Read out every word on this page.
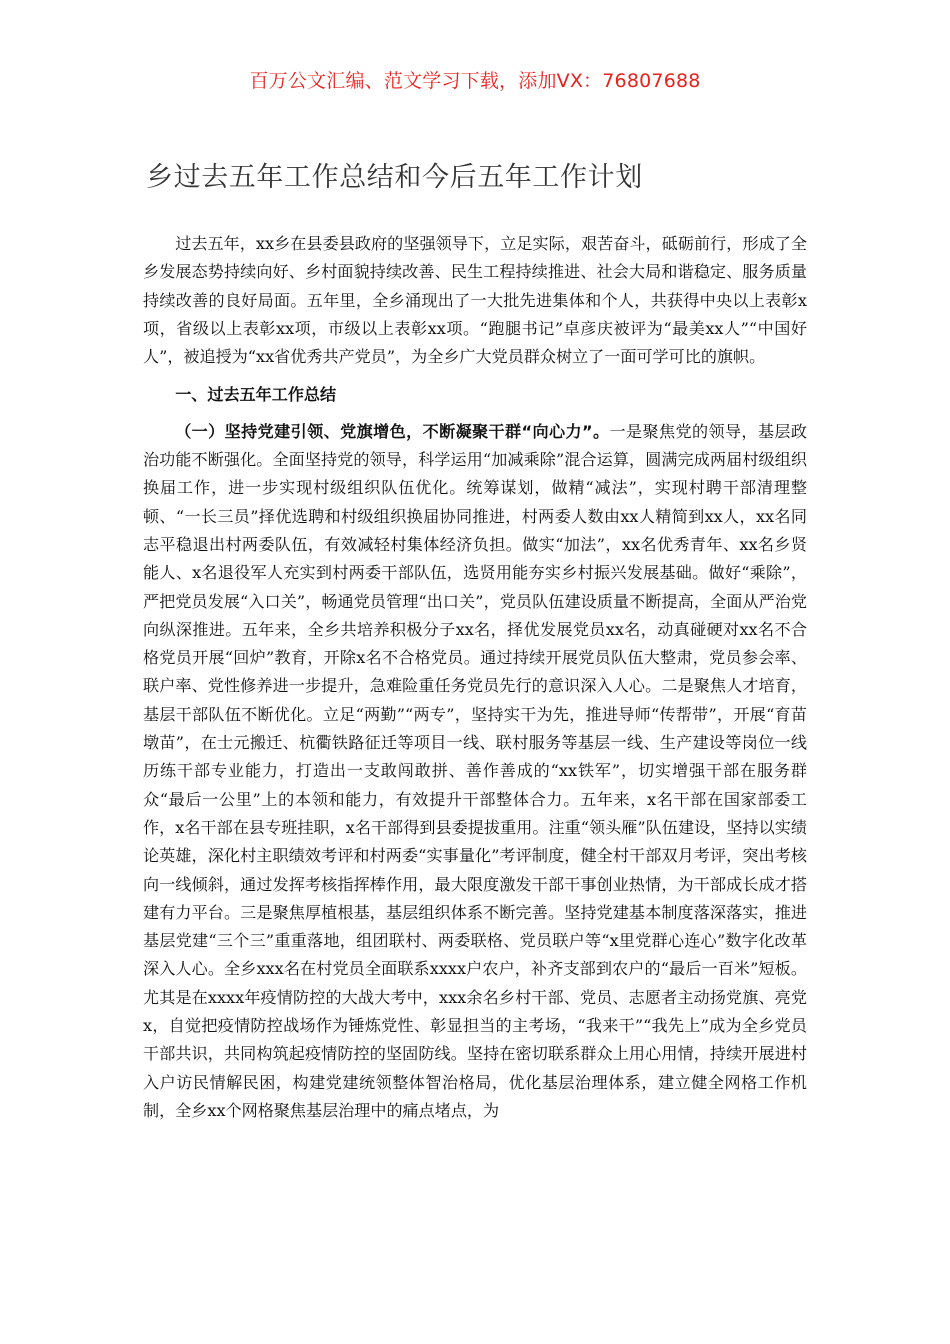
百万公文汇编、范文学习下载，添加VX：76807688
乡过去五年工作总结和今后五年工作计划

过去五年，xx乡在县委县政府的坚强领导下，立足实际，艰苦奋斗，砥砺前行，形成了全乡发展态势持续向好、乡村面貌持续改善、民生工程持续推进、社会大局和谐稳定、服务质量持续改善的良好局面。五年里，全乡涌现出了一大批先进集体和个人，共获得中央以上表彰x项，省级以上表彰xx项，市级以上表彰xx项。“跑腿书记”卓彦庆被评为“最美xx人”“中国好人”，被追授为“xx省优秀共产党员”，为全乡广大党员群众树立了一面可学可比的旗帜。

一、过去五年工作总结

（一）坚持党建引领、党旗增色，不断凝聚干群“向心力”。一是聚焦党的领导，基层政治功能不断强化。全面坚持党的领导，科学运用“加减乘除”混合运算，圆满完成两届村级组织换届工作，进一步实现村级组织队伍优化。统筹谋划，做精“减法”，实现村聘干部清理整顿、“一长三员”择优选聘和村级组织换届协同推进，村两委人数由xx人精简到xx人，xx名同志平稳退出村两委队伍，有效减轻村集体经济负担。做实“加法”，xx名优秀青年、xx名乡贤能人、x名退役军人充实到村两委干部队伍，选贤用能夯实乡村振兴发展基础。做好“乘除”，严把党员发展“入口关”，畅通党员管理“出口关”，党员队伍建设质量不断提高，全面从严治党向纵深推进。五年来，全乡共培养积极分子xx名，择优发展党员xx名，动真碰硬对xx名不合格党员开展“回炉”教育，开除x名不合格党员。通过持续开展党员队伍大整肃，党员参会率、联户率、党性修养进一步提升，急难险重任务党员先行的意识深入人心。二是聚焦人才培育，基层干部队伍不断优化。立足“两勤”“两专”，坚持实干为先，推进导师“传帮带”，开展“育苗墩苗”，在士元搬迁、杭衢铁路征迁等项目一线、联村服务等基层一线、生产建设等岗位一线历练干部专业能力，打造出一支敢闯敢拼、善作善成的“xx铁军”，切实增强干部在服务群众“最后一公里”上的本领和能力，有效提升干部整体合力。五年来，x名干部在国家部委工作，x名干部在县专班挂职，x名干部得到县委提拔重用。注重“领头雁”队伍建设，坚持以实绩论英雄，深化村主职绩效考评和村两委“实事量化”考评制度，健全村干部双月考评，突出考核向一线倾斜，通过发挥考核指挥棒作用，最大限度激发干部干事创业热情，为干部成长成才搭建有力平台。三是聚焦厚植根基，基层组织体系不断完善。坚持党建基本制度落深落实，推进基层党建“三个三”重重落地，组团联村、两委联格、党员联户等“x里党群心连心”数字化改革深入人心。全乡xxx名在村党员全面联系xxxx户农户，补齐支部到农户的“最后一百米”短板。尤其是在xxxx年疫情防控的大战大考中，xxx余名乡村干部、党员、志愿者主动扬党旗、亮党x，自觉把疫情防控战场作为锤炼党性、彰显担当的主考场，“我来干”“我先上”成为全乡党员干部共识，共同构筑起疫情防控的坚固防线。坚持在密切联系群众上用心用情，持续开展进村入户访民情解民困，构建党建统领整体智治格局，优化基层治理体系，建立健全网格工作机制，全乡xx个网格聚焦基层治理中的痛点堵点，为
